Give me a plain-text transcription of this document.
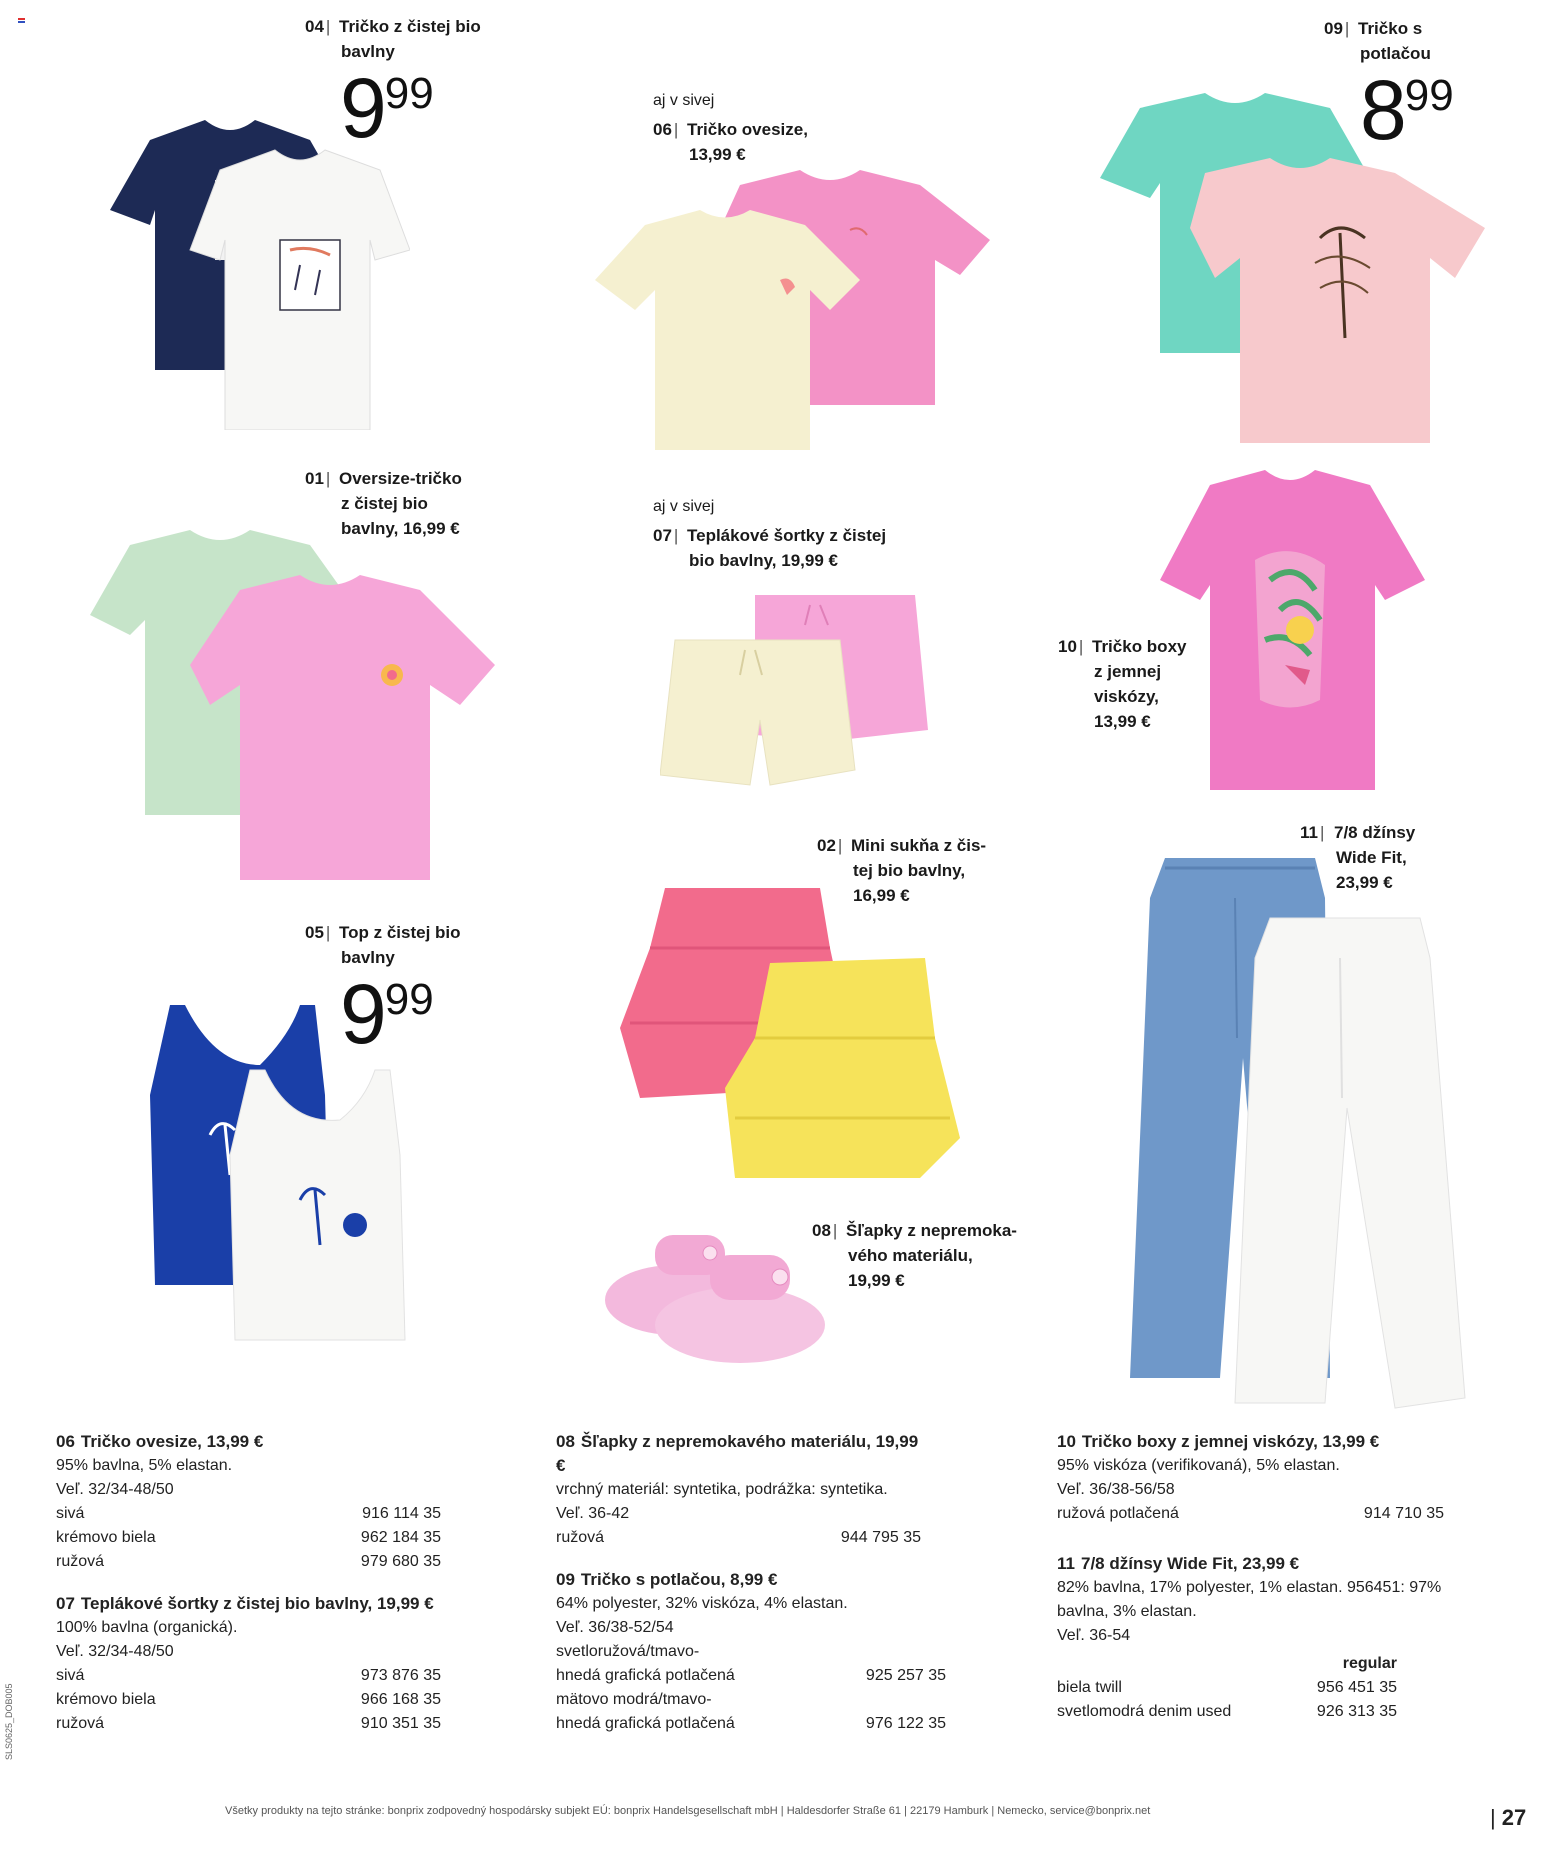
04 | Tričko z čistej bio
bavlny
999	aj v sivej
06 | Tričko ovesize,
13,99 €
09 | Tričko s
potlačou
899
01 | Oversize-tričko
z čistej bio
bavlny, 16,99 €
aj v sivej
07 | Teplákové šortky z čistej
bio bavlny, 19,99 €
10 | Tričko boxy
z jemnej
viskózy,
13,99 €
11 | 7/8 džínsy
Wide Fit,
23,99 €
02 | Mini sukňa z čis-
tej bio bavlny,
16,99 €
05 | Top z čistej bio
bavlny
999
08 | Šľapky z nepremoka-
vého materiálu,
19,99 €
06 Tričko ovesize, 13,99 €
95% bavlna, 5% elastan.
Veľ. 32/34-48/50
sivá	916 114 35
krémovo biela	962 184 35
ružová	979 680 35
07 Teplákové šortky z čistej bio bavlny, 19,99 €
100% bavlna (organická).
Veľ. 32/34-48/50
sivá	973 876 35
krémovo biela	966 168 35
ružová	910 351 35
08 Šľapky z nepremokavého materiálu, 19,99 €
vrchný materiál: syntetika, podrážka: syntetika.
Veľ. 36-42
ružová	944 795 35
09 Tričko s potlačou, 8,99 €
64% polyester, 32% viskóza, 4% elastan.
Veľ. 36/38-52/54
svetloružová/tmavo-
hnedá grafická potlačená	925 257 35
mätovo modrá/tmavo-
hnedá grafická potlačená	976 122 35
10 Tričko boxy z jemnej viskózy, 13,99 €
95% viskóza (verifikovaná), 5% elastan.
Veľ. 36/38-56/58
ružová potlačená	914 710 35
11 7/8 džínsy Wide Fit, 23,99 €
82% bavlna, 17% polyester, 1% elastan. 956451: 97%
bavlna, 3% elastan.
Veľ. 36-54
regular
biela twill	956 451 35
svetlomodrá denim used	926 313 35
Všetky produkty na tejto stránke: bonprix zodpovedný hospodársky subjekt EÚ: bonprix Handelsgesellschaft mbH | Haldesdorfer Straße 61 | 22179 Hamburk | Nemecko, service@bonprix.net
|	27
SLS0625_DOB005
